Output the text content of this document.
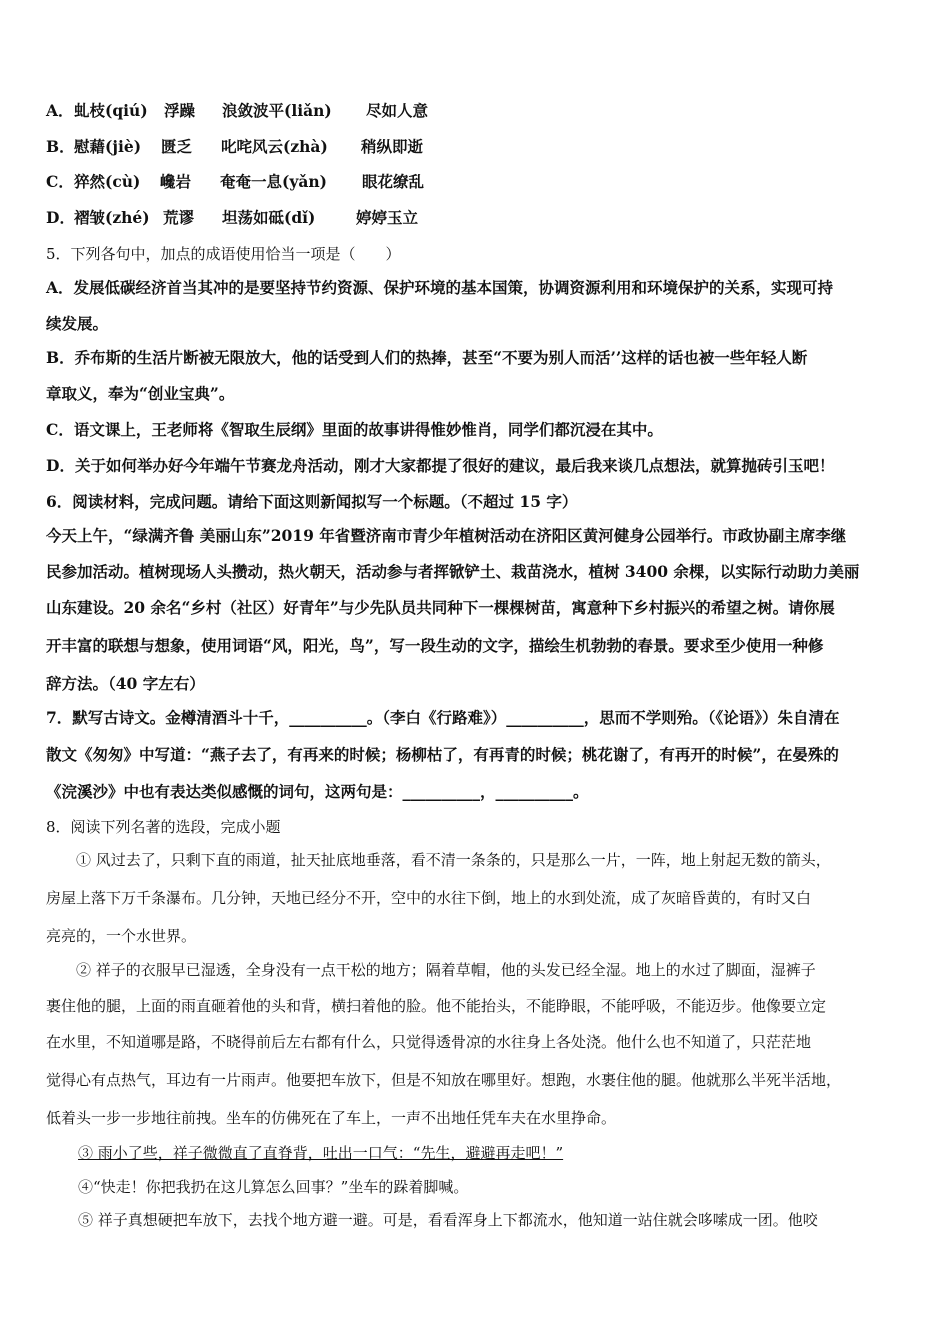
A．虬枝(qiú) 浮躁 浪敛波平(liǎn) 尽如人意
B．慰藉(jiè) 匮乏 叱咤风云(zhà) 稍纵即逝
C．猝然(cù) 巉岩 奄奄一息(yǎn) 眼花缭乱
D．褶皱(zhé) 荒谬 坦荡如砥(dǐ)	婷婷玉立
5．下列各句中，加点的成语使用恰当一项是（　　）
A．发展低碳经济首当其冲的是要坚持节约资源、保护环境的基本国策，协调资源利用和环境保护的关系，实现可持
续发展。
B．乔布斯的生活片断被无限放大，他的话受到人们的热捧，甚至“不要为别人而活’’这样的话也被一些年轻人断
章取义，奉为“创业宝典”。
C．语文课上，王老师将《智取生辰纲》里面的故事讲得惟妙惟肖，同学们都沉浸在其中。
D．关于如何举办好今年端午节赛龙舟活动，刚才大家都提了很好的建议，最后我来谈几点想法，就算抛砖引玉吧！
6．阅读材料，完成问题。请给下面这则新闻拟写一个标题。（不超过 15 字）
今天上午，“绿满齐鲁 美丽山东”2019 年省暨济南市青少年植树活动在济阳区黄河健身公园举行。市政协副主席李继
民参加活动。植树现场人头攒动，热火朝天，活动参与者挥锨铲土、栽苗浇水，植树 3400 余棵，以实际行动助力美丽
山东建设。20 余名“乡村（社区）好青年”与少先队员共同种下一棵棵树苗，寓意种下乡村振兴的希望之树。请你展
开丰富的联想与想象，使用词语“风，阳光，鸟”，写一段生动的文字，描绘生机勃勃的春景。要求至少使用一种修
辞方法。（40 字左右）
7．默写古诗文。金樽清酒斗十千，__________。（李白《行路难》）__________，思而不学则殆。（《论语》）朱自清在
散文《匆匆》中写道：“燕子去了，有再来的时候；杨柳枯了，有再青的时候；桃花谢了，有再开的时候”，在晏殊的
《浣溪沙》中也有表达类似感慨的词句，这两句是：__________，__________。
8．阅读下列名著的选段，完成小题
　　① 风过去了，只剩下直的雨道，扯天扯底地垂落，看不清一条条的，只是那么一片，一阵，地上射起无数的箭头，
房屋上落下万千条瀑布。几分钟，天地已经分不开，空中的水往下倒，地上的水到处流，成了灰暗昏黄的，有时又白
亮亮的，一个水世界。
　　② 祥子的衣服早已湿透，全身没有一点干松的地方；隔着草帽，他的头发已经全湿。地上的水过了脚面，湿裤子
裹住他的腿，上面的雨直砸着他的头和背，横扫着他的脸。他不能抬头，不能睁眼，不能呼吸，不能迈步。他像要立定
在水里，不知道哪是路，不晓得前后左右都有什么，只觉得透骨凉的水往身上各处浇。他什么也不知道了，只茫茫地
觉得心有点热气，耳边有一片雨声。他要把车放下，但是不知放在哪里好。想跑，水裹住他的腿。他就那么半死半活地，
低着头一步一步地往前拽。坐车的仿佛死在了车上，一声不出地任凭车夫在水里挣命。
③ 雨小了些，祥子微微直了直脊背，吐出一口气：“先生，避避再走吧！”
④“快走！你把我扔在这儿算怎么回事？”坐车的跺着脚喊。
⑤ 祥子真想硬把车放下，去找个地方避一避。可是，看看浑身上下都流水，他知道一站住就会哆嗦成一团。他咬
